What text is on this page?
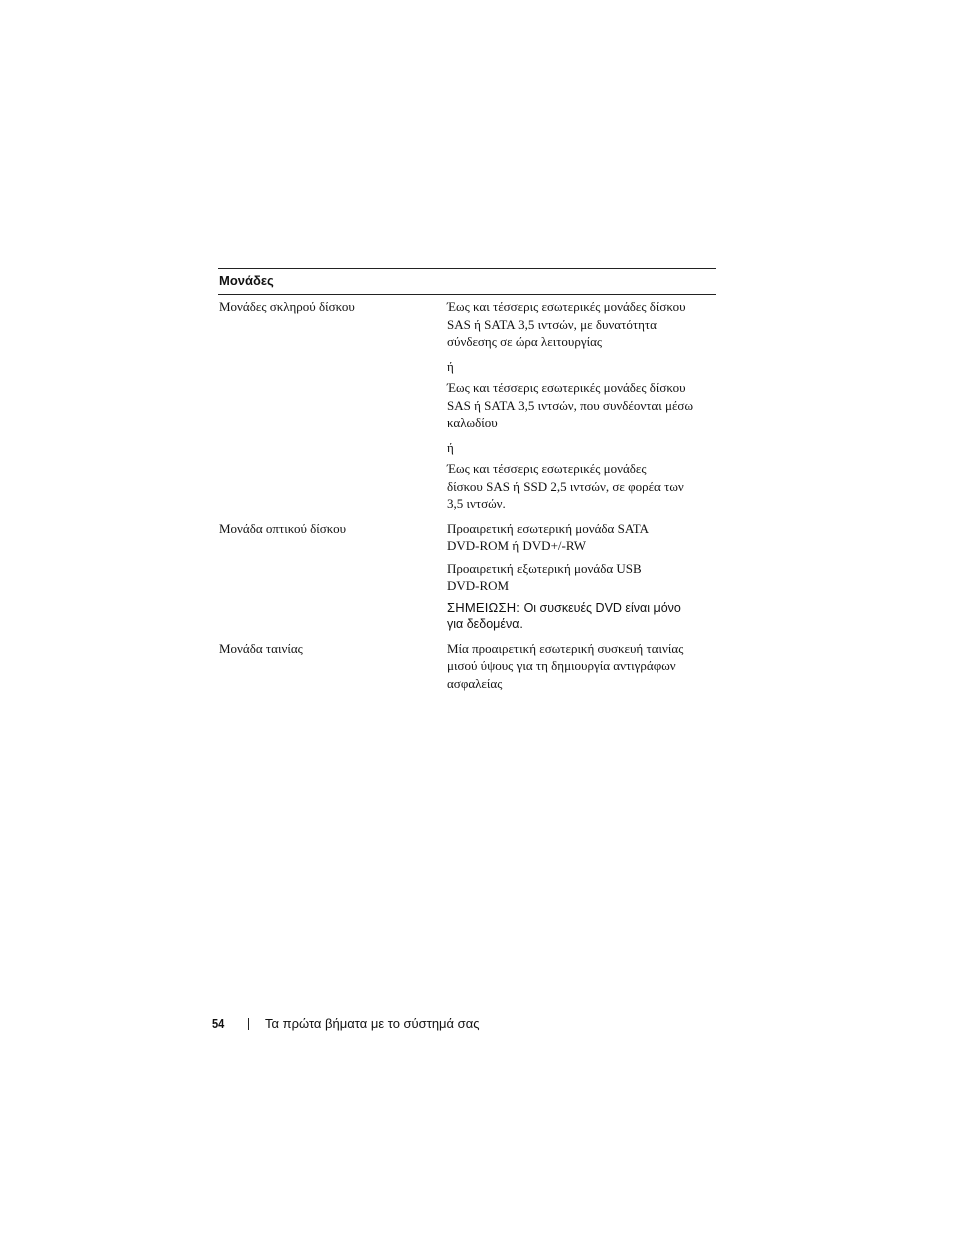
Μονάδες
Μονάδες σκληρού δίσκου	Έως και τέσσερις εσωτερικές μονάδες δίσκου
SAS ή SATA 3,5 ιντσών, με δυνατότητα
σύνδεσης σε ώρα λειτουργίας
ή
Έως και τέσσερις εσωτερικές μονάδες δίσκου
SAS ή SATA 3,5 ιντσών, που συνδέονται μέσω
καλωδίου
ή
Έως και τέσσερις εσωτερικές μονάδες
δίσκου SAS ή SSD 2,5 ιντσών, σε φορέα των
3,5 ιντσών.
Μονάδα οπτικού δίσκου	Προαιρετική εσωτερική μονάδα SATA
DVD-ROM ή DVD+/-RW
Προαιρετική εξωτερική μονάδα USB
DVD-ROM
ΣΗΜΕΙΩΣΗ: Οι συσκευές DVD είναι μόνο
για δεδομένα.
Μονάδα ταινίας	Μία προαιρετική εσωτερική συσκευή ταινίας
μισού ύψους για τη δημιουργία αντιγράφων
ασφαλείας
54	Τα πρώτα βήματα με το σύστημά σας
